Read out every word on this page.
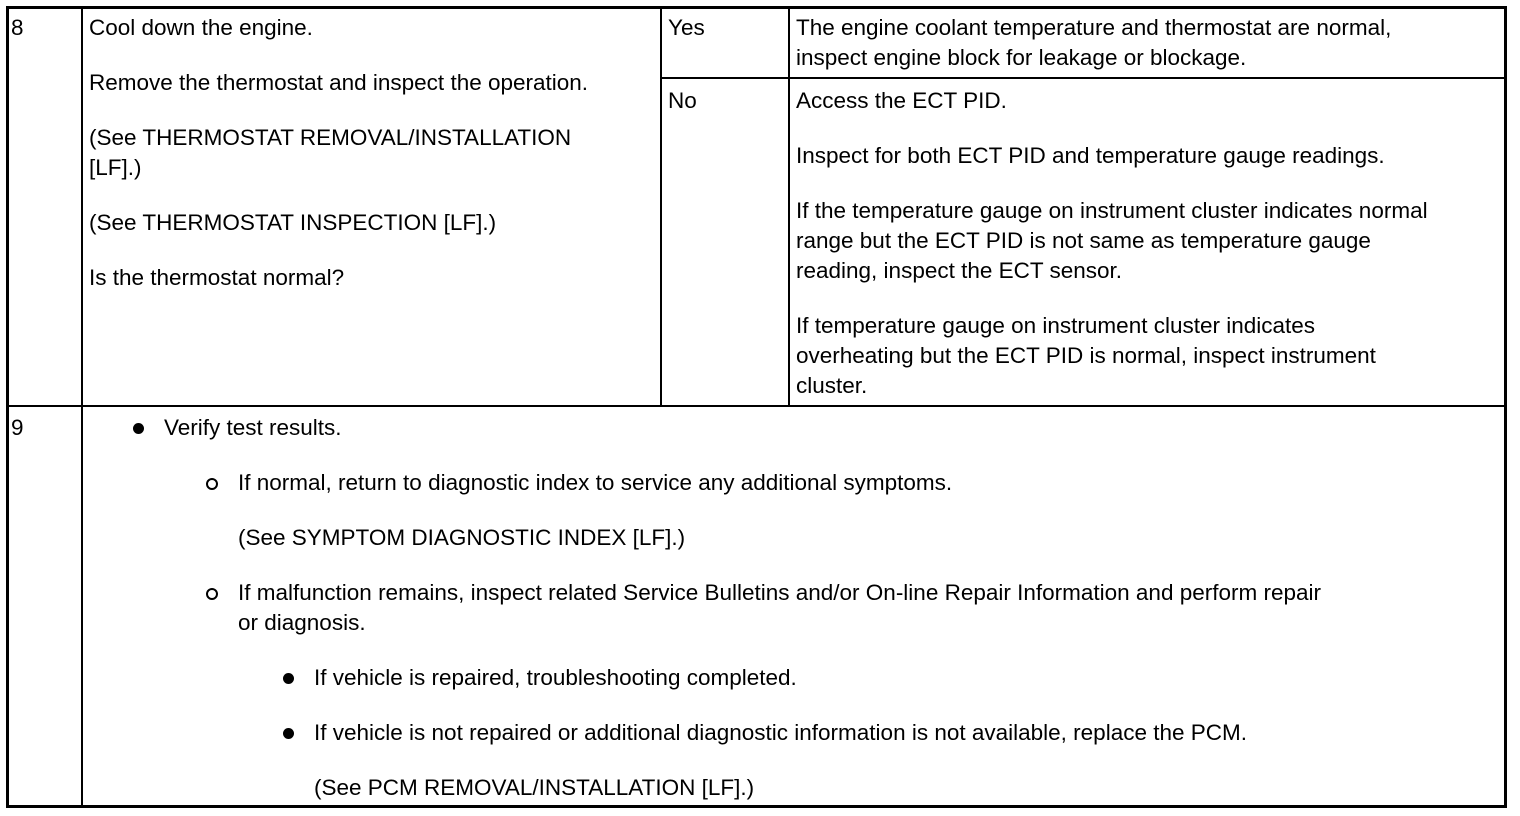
8	Cool down the engine.
Remove the thermostat and inspect the operation.
(See THERMOSTAT REMOVAL/INSTALLATION
[LF].)
(See THERMOSTAT INSPECTION [LF].)
Is the thermostat normal?
Yes	The engine coolant temperature and thermostat are normal,
inspect engine block for leakage or blockage.
No	Access the ECT PID.
Inspect for both ECT PID and temperature gauge readings.
If the temperature gauge on instrument cluster indicates normal
range but the ECT PID is not same as temperature gauge
reading, inspect the ECT sensor.
If temperature gauge on instrument cluster indicates
overheating but the ECT PID is normal, inspect instrument
cluster.
9	Verify test results.
If normal, return to diagnostic index to service any additional symptoms.
(See SYMPTOM DIAGNOSTIC INDEX [LF].)
If malfunction remains, inspect related Service Bulletins and/or On-line Repair Information and perform repair
or diagnosis.
If vehicle is repaired, troubleshooting completed.
If vehicle is not repaired or additional diagnostic information is not available, replace the PCM.
(See PCM REMOVAL/INSTALLATION [LF].)
